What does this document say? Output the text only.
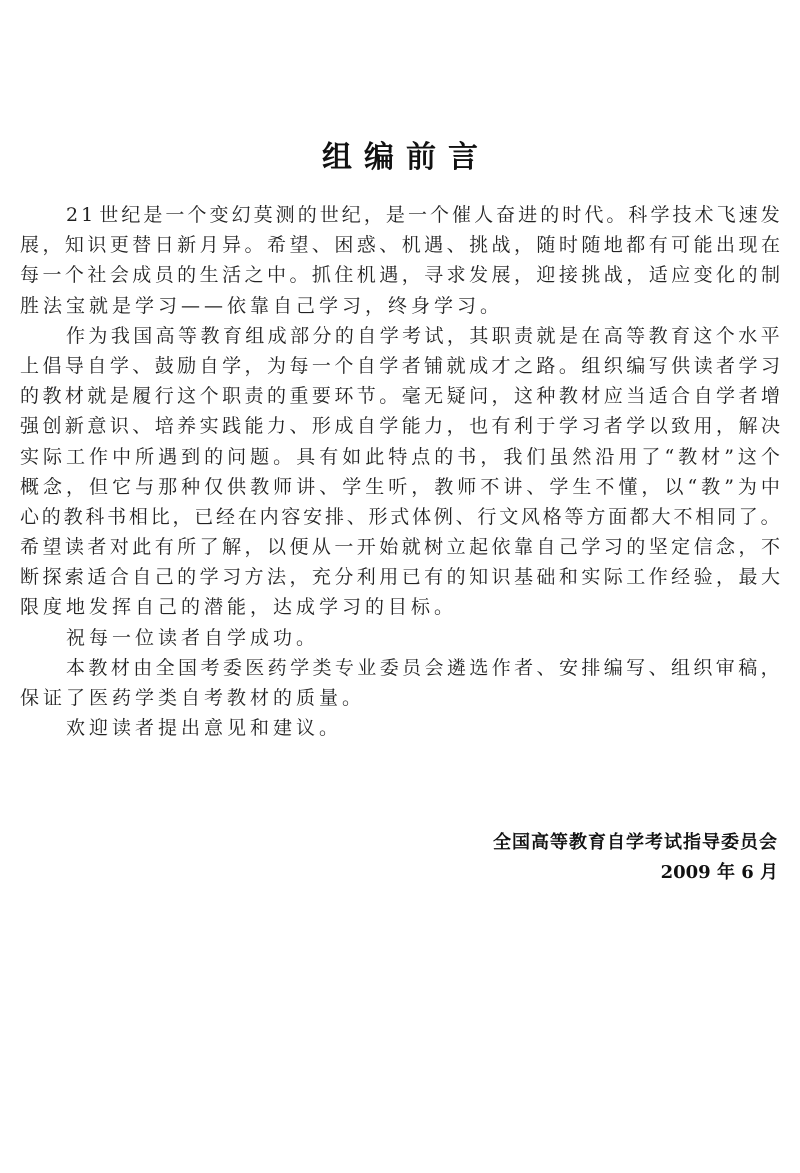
组编前言
2 1 世 纪 是 一 个 变 幻 莫 测 的 世 纪 ， 是 一 个 催 人 奋 进 的 时 代 。 科 学 技 术 飞 速 发
展 ， 知 识 更 替 日 新 月 异 。 希 望 、 困 惑 、 机 遇 、 挑 战 ， 随 时 随 地 都 有 可 能 出 现 在
每 一 个 社 会 成 员 的 生 活 之 中 。 抓 住 机 遇 ， 寻 求 发 展 ， 迎 接 挑 战 ， 适 应 变 化 的 制
胜法宝就是学习——依靠自己学习，终身学习。
作 为 我 国 高 等 教 育 组 成 部 分 的 自 学 考 试 ， 其 职 责 就 是 在 高 等 教 育 这 个 水 平
上 倡 导 自 学 、 鼓 励 自 学 ， 为 每 一 个 自 学 者 铺 就 成 才 之 路 。 组 织 编 写 供 读 者 学 习
的 教 材 就 是 履 行 这 个 职 责 的 重 要 环 节 。 毫 无 疑 问 ， 这 种 教 材 应 当 适 合 自 学 者 增
强 创 新 意 识 、 培 养 实 践 能 力 、 形 成 自 学 能 力 ， 也 有 利 于 学 习 者 学 以 致 用 ， 解 决
实 际 工 作 中 所 遇 到 的 问 题 。 具 有 如 此 特 点 的 书 ， 我 们 虽 然 沿 用 了 “ 教 材 ” 这 个
概 念 ， 但 它 与 那 种 仅 供 教 师 讲 、 学 生 听 ， 教 师 不 讲 、 学 生 不 懂 ， 以 “ 教 ” 为 中
心 的 教 科 书 相 比 ， 已 经 在 内 容 安 排 、 形 式 体 例 、 行 文 风 格 等 方 面 都 大 不 相 同 了 。
希 望 读 者 对 此 有 所 了 解 ， 以 便 从 一 开 始 就 树 立 起 依 靠 自 己 学 习 的 坚 定 信 念 ， 不
断 探 索 适 合 自 己 的 学 习 方 法 ， 充 分 利 用 已 有 的 知 识 基 础 和 实 际 工 作 经 验 ， 最 大
限度地发挥自己的潜能，达成学习的目标。
祝每一位读者自学成功。
本 教 材 由 全 国 考 委 医 药 学 类 专 业 委 员 会 遴 选 作 者 、 安 排 编 写 、 组 织 审 稿 ，
保证了医药学类自考教材的质量。
欢迎读者提出意见和建议。
全国高等教育自学考试指导委员会
2009 年 6 月
